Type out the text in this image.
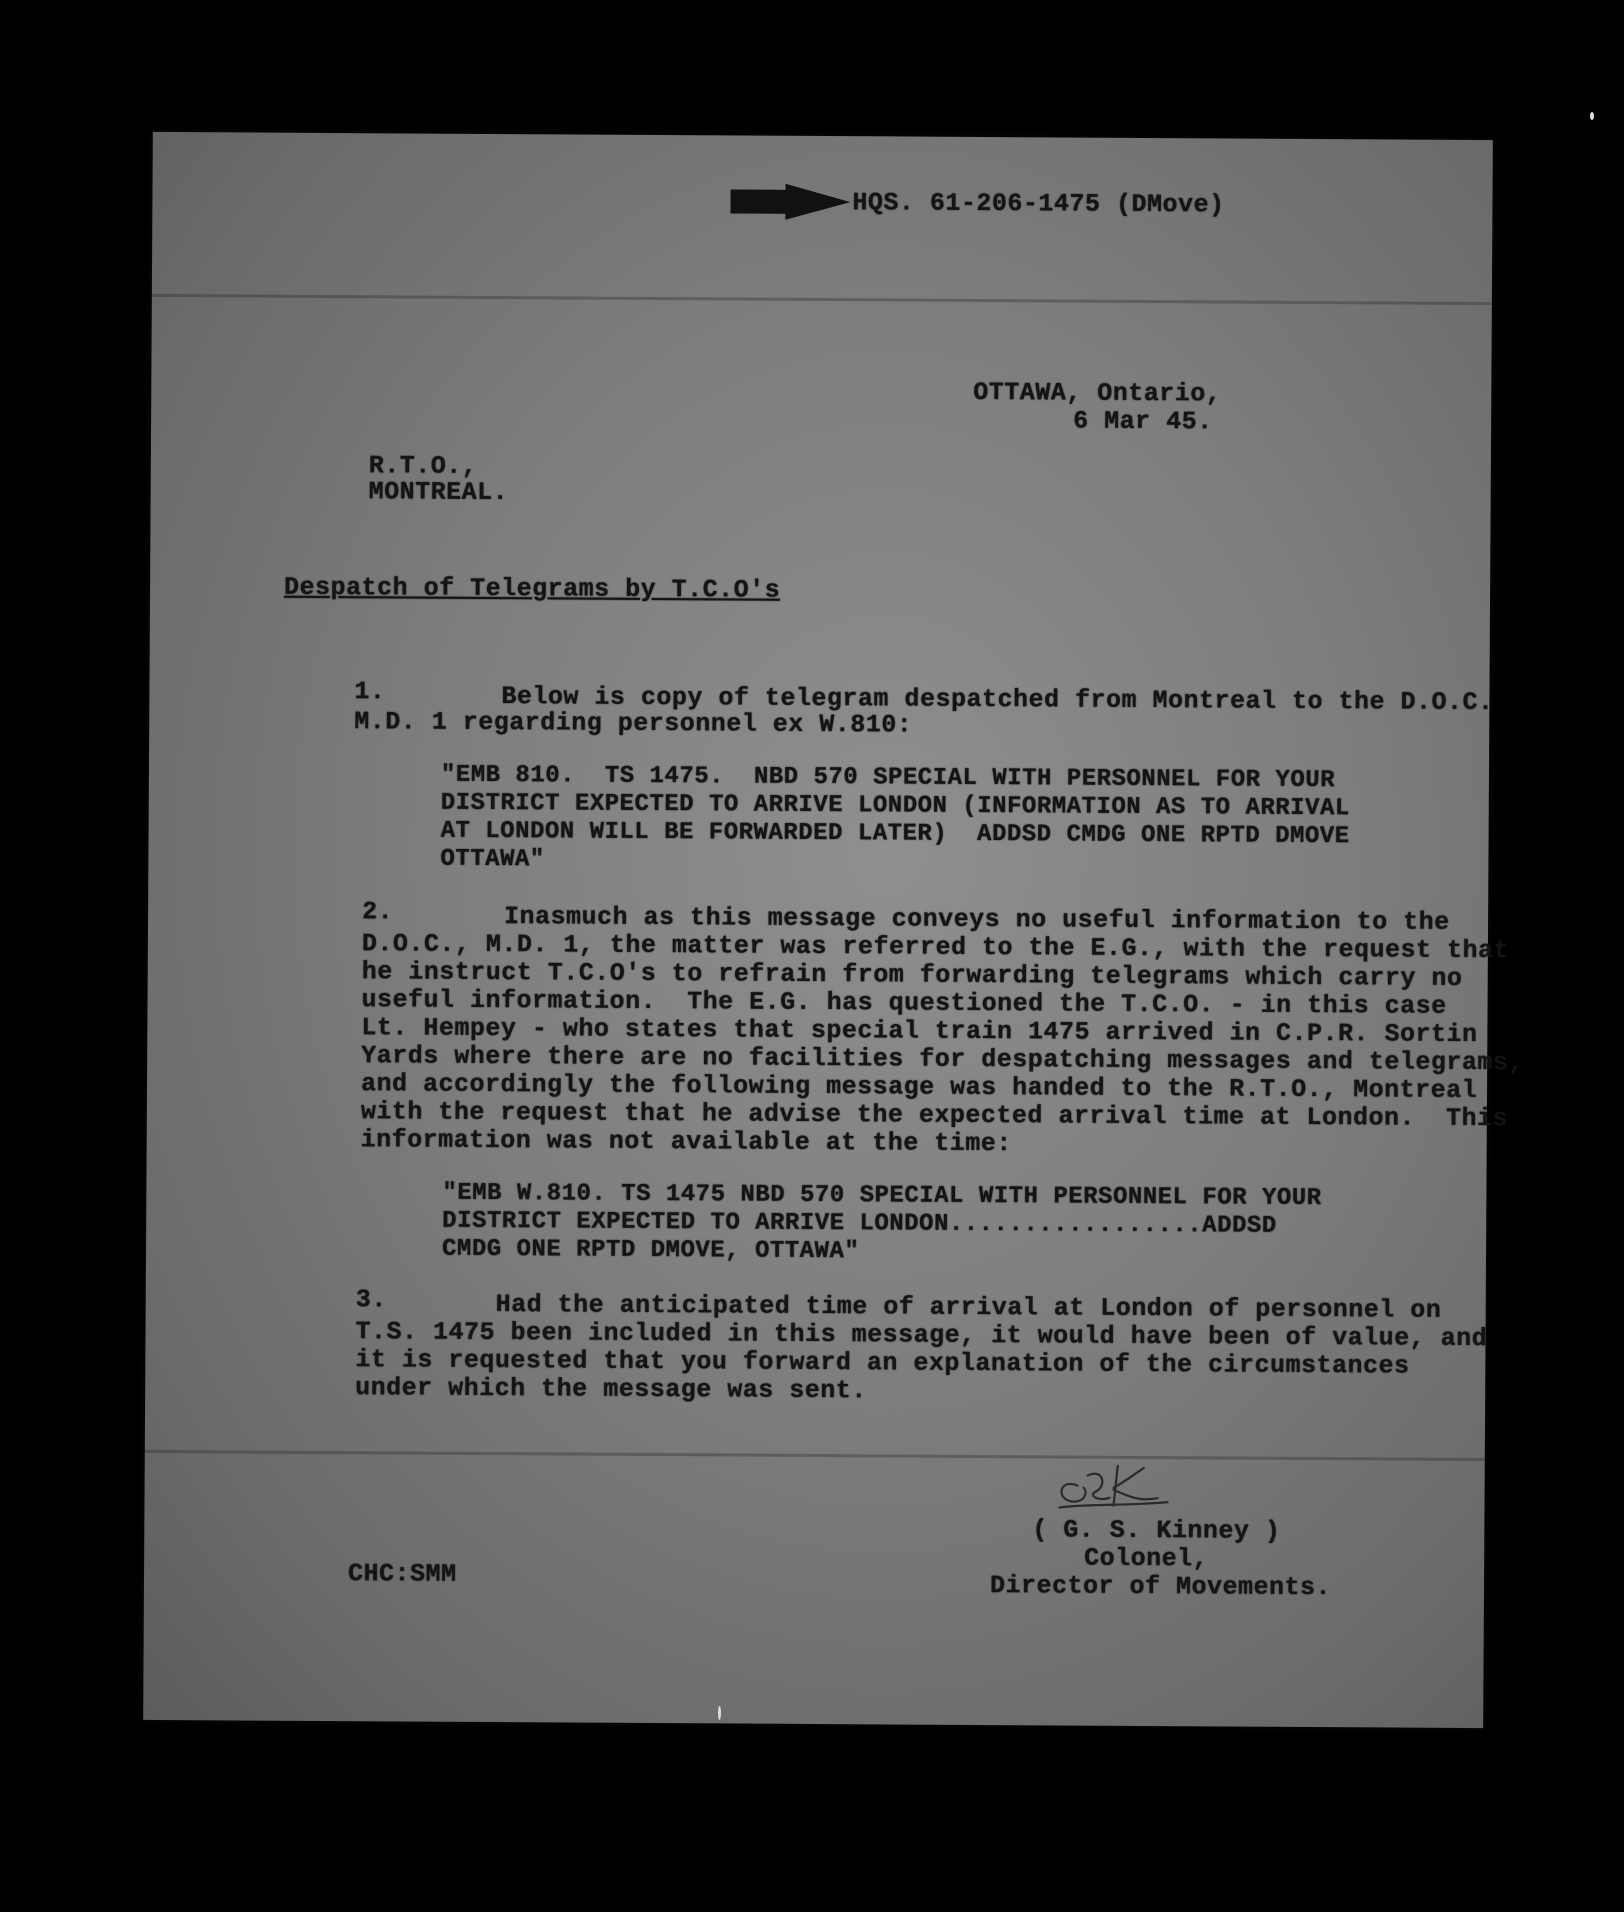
HQS. 61-206-1475 (DMove)
OTTAWA, Ontario,
6 Mar 45.
R.T.O.,
MONTREAL.
Despatch of Telegrams by T.C.O's
1.	Below is copy of telegram despatched from Montreal to the D.O.C.
M.D. 1 regarding personnel ex W.810:
"EMB 810.  TS 1475.  NBD 570 SPECIAL WITH PERSONNEL FOR YOUR
DISTRICT EXPECTED TO ARRIVE LONDON (INFORMATION AS TO ARRIVAL
AT LONDON WILL BE FORWARDED LATER)  ADDSD CMDG ONE RPTD DMOVE
OTTAWA"
2.	Inasmuch as this message conveys no useful information to the
D.O.C., M.D. 1, the matter was referred to the E.G., with the request that
he instruct T.C.O's to refrain from forwarding telegrams which carry no
useful information.  The E.G. has questioned the T.C.O. - in this case
Lt. Hempey - who states that special train 1475 arrived in C.P.R. Sortin
Yards where there are no facilities for despatching messages and telegrams,
and accordingly the following message was handed to the R.T.O., Montreal
with the request that he advise the expected arrival time at London.  This
information was not available at the time:
"EMB W.810. TS 1475 NBD 570 SPECIAL WITH PERSONNEL FOR YOUR
DISTRICT EXPECTED TO ARRIVE LONDON.................ADDSD
CMDG ONE RPTD DMOVE, OTTAWA"
3.	Had the anticipated time of arrival at London of personnel on
T.S. 1475 been included in this message, it would have been of value, and
it is requested that you forward an explanation of the circumstances
under which the message was sent.
( G. S. Kinney )
Colonel,
Director of Movements.
CHC:SMM
